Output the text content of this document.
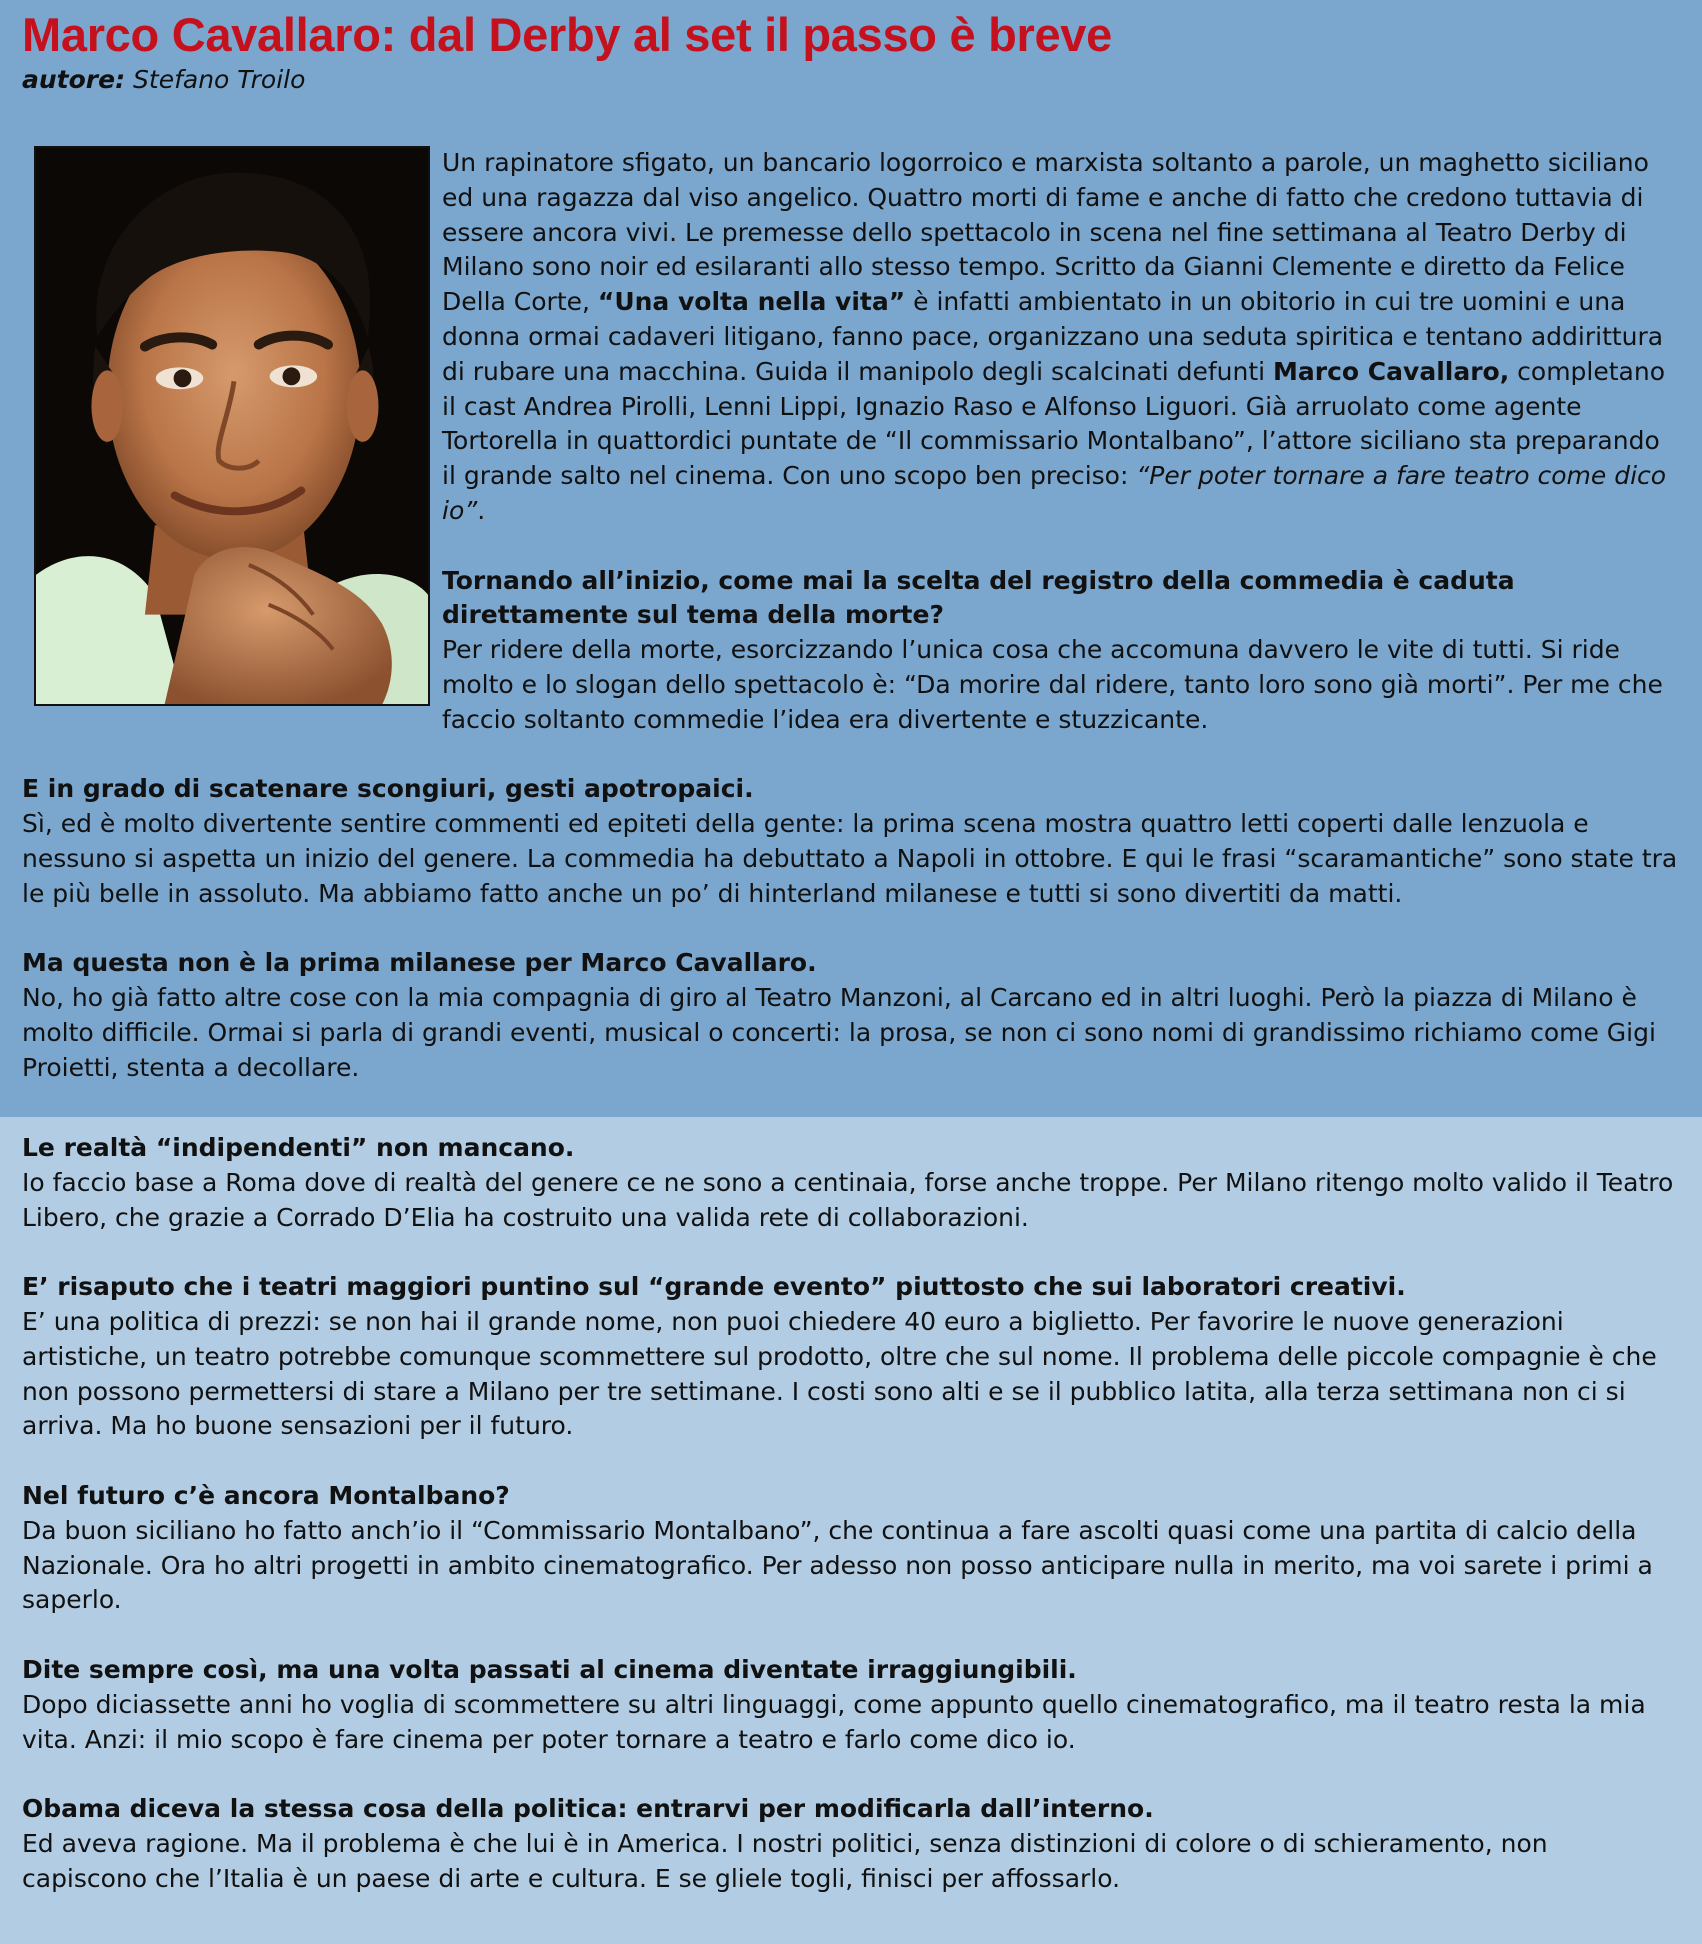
Marco Cavallaro: dal Derby al set il passo è breve

autore: Stefano Troilo

Un rapinatore sfigato, un bancario logorroico e marxista soltanto a parole, un maghetto siciliano ed una ragazza dal viso angelico. Quattro morti di fame e anche di fatto che credono tuttavia di essere ancora vivi. Le premesse dello spettacolo in scena nel fine settimana al Teatro Derby di Milano sono noir ed esilaranti allo stesso tempo. Scritto da Gianni Clemente e diretto da Felice Della Corte, “Una volta nella vita” è infatti ambientato in un obitorio in cui tre uomini e una donna ormai cadaveri litigano, fanno pace, organizzano una seduta spiritica e tentano addirittura di rubare una macchina. Guida il manipolo degli scalcinati defunti Marco Cavallaro, completano il cast Andrea Pirolli, Lenni Lippi, Ignazio Raso e Alfonso Liguori. Già arruolato come agente Tortorella in quattordici puntate de “Il commissario Montalbano”, l’attore siciliano sta preparando il grande salto nel cinema. Con uno scopo ben preciso: “Per poter tornare a fare teatro come dico io”.

Tornando all’inizio, come mai la scelta del registro della commedia è caduta direttamente sul tema della morte?
Per ridere della morte, esorcizzando l’unica cosa che accomuna davvero le vite di tutti. Si ride molto e lo slogan dello spettacolo è: “Da morire dal ridere, tanto loro sono già morti”. Per me che faccio soltanto commedie l’idea era divertente e stuzzicante.

E in grado di scatenare scongiuri, gesti apotropaici.
Sì, ed è molto divertente sentire commenti ed epiteti della gente: la prima scena mostra quattro letti coperti dalle lenzuola e nessuno si aspetta un inizio del genere. La commedia ha debuttato a Napoli in ottobre. E qui le frasi “scaramantiche” sono state tra le più belle in assoluto. Ma abbiamo fatto anche un po’ di hinterland milanese e tutti si sono divertiti da matti.

Ma questa non è la prima milanese per Marco Cavallaro.
No, ho già fatto altre cose con la mia compagnia di giro al Teatro Manzoni, al Carcano ed in altri luoghi. Però la piazza di Milano è molto difficile. Ormai si parla di grandi eventi, musical o concerti: la prosa, se non ci sono nomi di grandissimo richiamo come Gigi Proietti, stenta a decollare.

Le realtà “indipendenti” non mancano.
Io faccio base a Roma dove di realtà del genere ce ne sono a centinaia, forse anche troppe. Per Milano ritengo molto valido il Teatro Libero, che grazie a Corrado D’Elia ha costruito una valida rete di collaborazioni.

E’ risaputo che i teatri maggiori puntino sul “grande evento” piuttosto che sui laboratori creativi.
E’ una politica di prezzi: se non hai il grande nome, non puoi chiedere 40 euro a biglietto. Per favorire le nuove generazioni artistiche, un teatro potrebbe comunque scommettere sul prodotto, oltre che sul nome. Il problema delle piccole compagnie è che non possono permettersi di stare a Milano per tre settimane. I costi sono alti e se il pubblico latita, alla terza settimana non ci si arriva. Ma ho buone sensazioni per il futuro.

Nel futuro c’è ancora Montalbano?
Da buon siciliano ho fatto anch’io il “Commissario Montalbano”, che continua a fare ascolti quasi come una partita di calcio della Nazionale. Ora ho altri progetti in ambito cinematografico. Per adesso non posso anticipare nulla in merito, ma voi sarete i primi a saperlo.

Dite sempre così, ma una volta passati al cinema diventate irraggiungibili.
Dopo diciassette anni ho voglia di scommettere su altri linguaggi, come appunto quello cinematografico, ma il teatro resta la mia vita. Anzi: il mio scopo è fare cinema per poter tornare a teatro e farlo come dico io.

Obama diceva la stessa cosa della politica: entrarvi per modificarla dall’interno.
Ed aveva ragione. Ma il problema è che lui è in America. I nostri politici, senza distinzioni di colore o di schieramento, non capiscono che l’Italia è un paese di arte e cultura. E se gliele togli, finisci per affossarlo.
